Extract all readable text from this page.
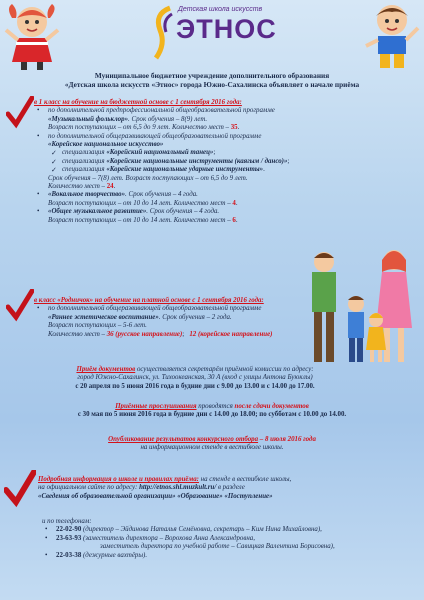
Детская школа искусств
ЭТНОС
Муниципальное бюджетное учреждение дополнительного образования
«Детская школа искусств «Этнос» города Южно-Сахалинска объявляет о начале приёма
в 1 класс на обучение на бюджетной основе с 1 сентября 2016 года:
• по дополнительной предпрофессиональной общеобразовательной программе
«Музыкальный фольклор». Срок обучения – 8(9) лет.
Возраст поступающих – от 6,5 до 9 лет. Количество мест – 35.
• по дополнительной общеразвивающей общеобразовательной программе
«Корейское национальное искусство»
✓ специализация «Корейский национальный танец»;
✓ специализация «Корейские национальные инструменты (каягым / дансо)»;
✓ специализация «Корейские национальные ударные инструменты».
Срок обучения – 7(8) лет. Возраст поступающих – от 6,5 до 9 лет.
Количество мест – 24.
• «Вокальное творчество». Срок обучения – 4 года.
Возраст поступающих – от 10 до 14 лет. Количество мест – 4.
• «Общее музыкальное развитие». Срок обучения – 4 года.
Возраст поступающих – от 10 до 14 лет. Количество мест – 6.
в класс «Родничок» на обучение на платной основе с 1 сентября 2016 года:
• по дополнительной общеразвивающей общеобразовательной программе
«Раннее эстетическое воспитание». Срок обучения – 2 года.
Возраст поступающих – 5-6 лет.
Количество мест – 36 (русское направление);   12 (корейское направление)
Приём документов осуществляется секретарём приёмной комиссии по адресу:
город Южно-Сахалинск, ул. Тихоокеанская, 30 А (вход с улицы Антона Буюклы)
с 20 апреля по 5 июня 2016 года в будние дни с 9.00 до 13.00 и с 14.00 до 17.00.
Приёмные прослушивания проводятся после сдачи документов
с 30 мая по 5 июня 2016 года в будние дни с 14.00 до 18.00; по субботам с 10.00 до 14.00.
Опубликование результатов конкурсного отбора – 8 июля 2016 года
на информационном стенде в вестибюле школы.
Подробная информация о школе и правилах приёма: на стенде в вестибюле школы,
на официальном сайте по адресу: http://etnos.shl.muzkult.ru/ в разделе
«Сведения об образовательной организации» «Образование» «Поступление»
и по телефонам:
• 22-02-90 (директор – Эйдинова Наталья Семёновна, секретарь – Ким Нина Михайловна),
• 23-63-93 (заместитель директора – Ворохова Анна Александровна,
заместитель директора по учебной работе – Савицкая Валентина Борисовна),
• 22-03-38 (дежурные вахтёры).
